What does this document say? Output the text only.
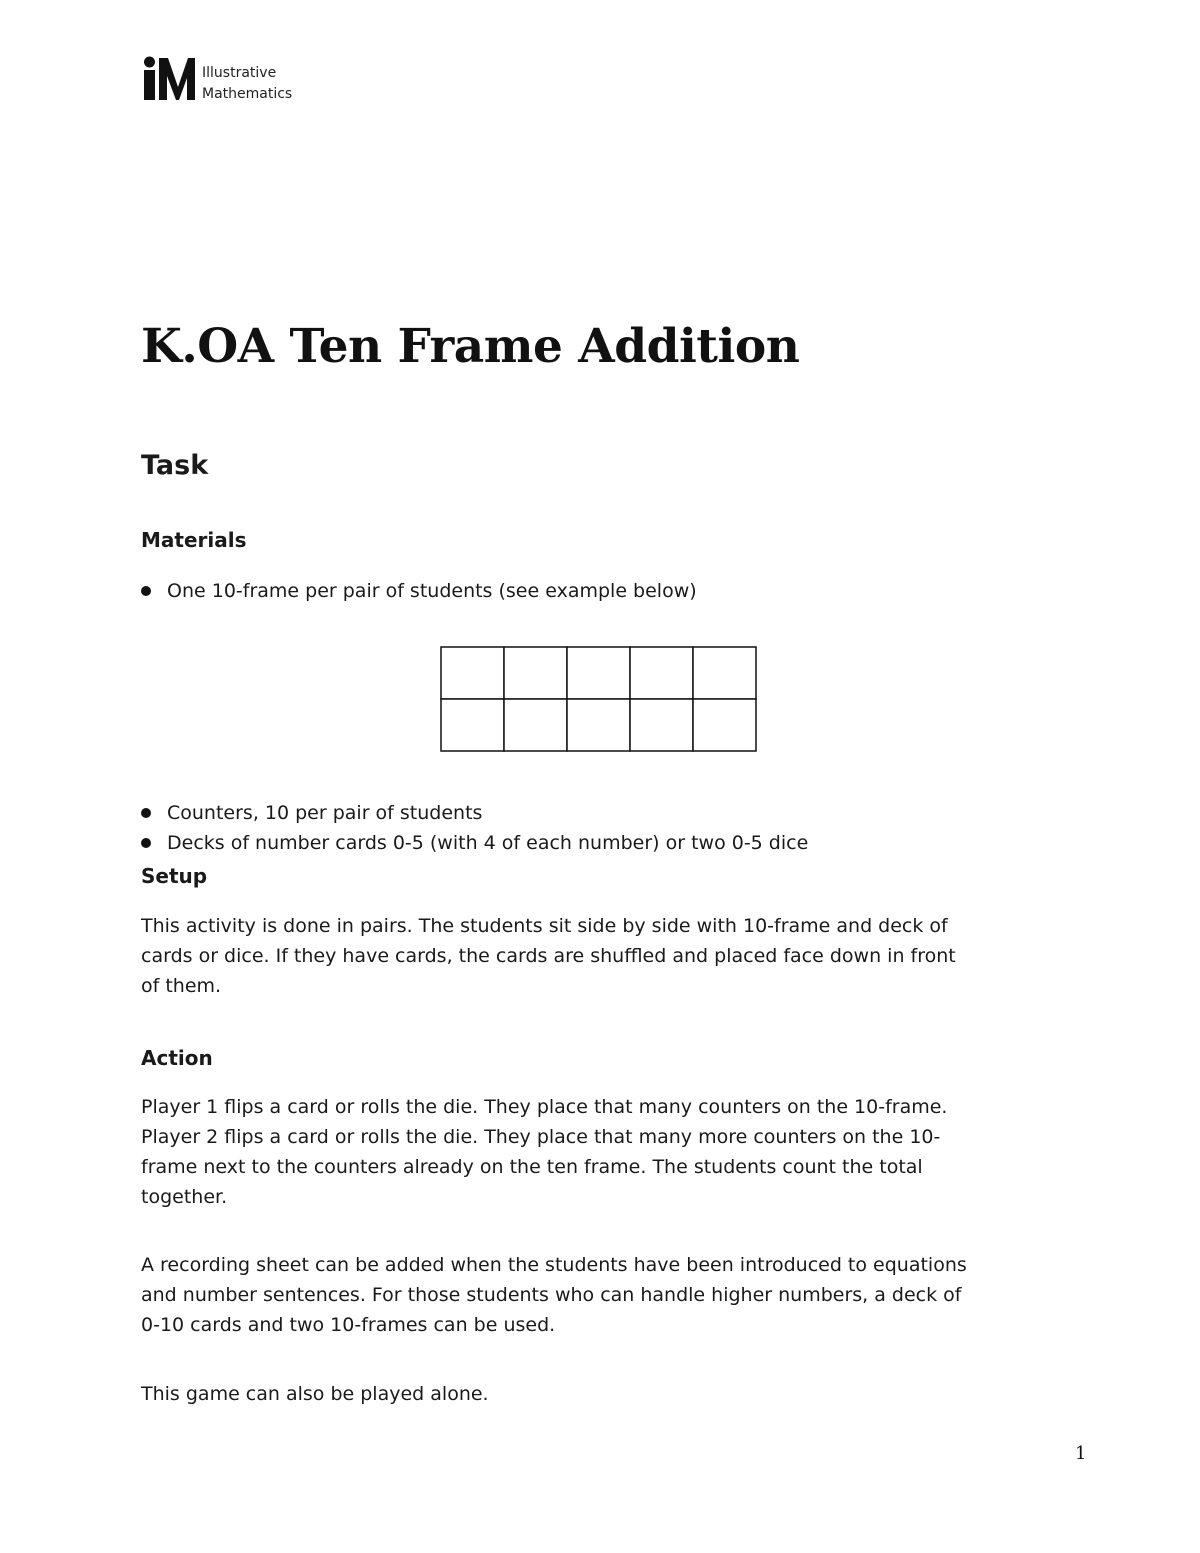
Illustrative
Mathematics
K.OA Ten Frame Addition
Task
Materials
One 10-frame per pair of students (see example below)
Counters, 10 per pair of students
Decks of number cards 0-5 (with 4 of each number) or two 0-5 dice
Setup

This activity is done in pairs. The students sit side by side with 10-frame and deck of
cards or dice. If they have cards, the cards are shuffled and placed face down in front
of them.

Action

Player 1 flips a card or rolls the die. They place that many counters on the 10-frame.
Player 2 flips a card or rolls the die. They place that many more counters on the 10-
frame next to the counters already on the ten frame. The students count the total
together.

A recording sheet can be added when the students have been introduced to equations
and number sentences. For those students who can handle higher numbers, a deck of
0-10 cards and two 10-frames can be used.

This game can also be played alone.

1
